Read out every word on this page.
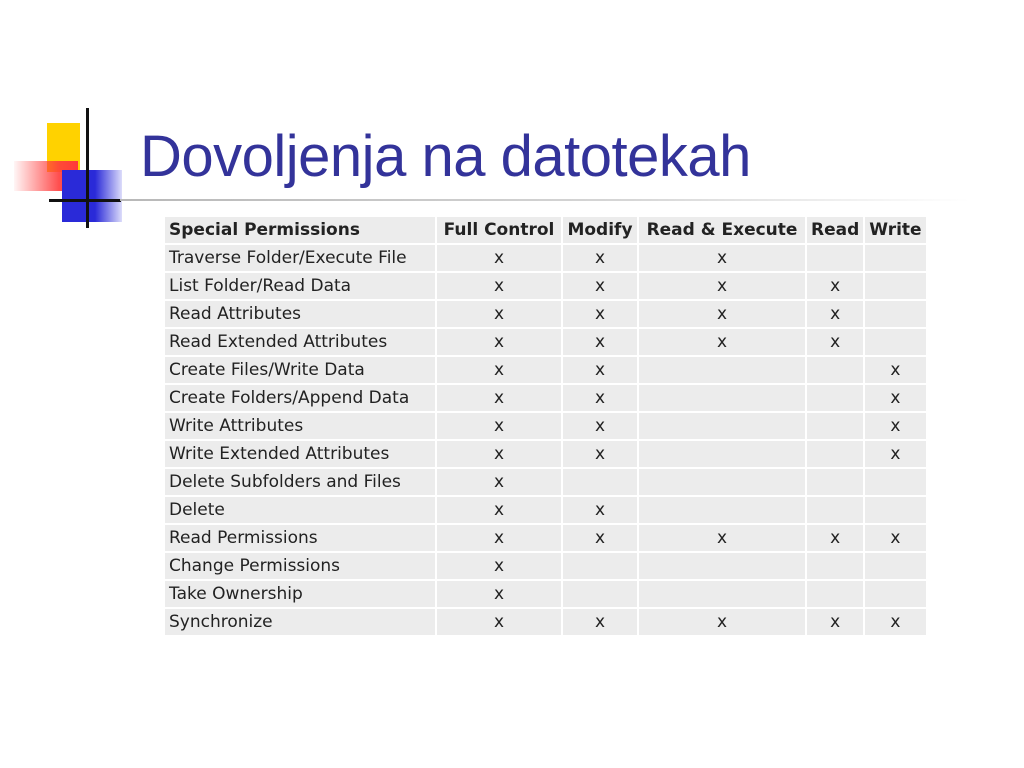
Dovoljenja na datotekah
Special Permissions	Full Control	Modify	Read & Execute	Read	Write
Traverse Folder/Execute File	x	x	x		
List Folder/Read Data	x	x	x	x	
Read Attributes	x	x	x	x	
Read Extended Attributes	x	x	x	x	
Create Files/Write Data	x	x			x
Create Folders/Append Data	x	x			x
Write Attributes	x	x			x
Write Extended Attributes	x	x			x
Delete Subfolders and Files	x				
Delete	x	x			
Read Permissions	x	x	x	x	x
Change Permissions	x				
Take Ownership	x				
Synchronize	x	x	x	x	x
